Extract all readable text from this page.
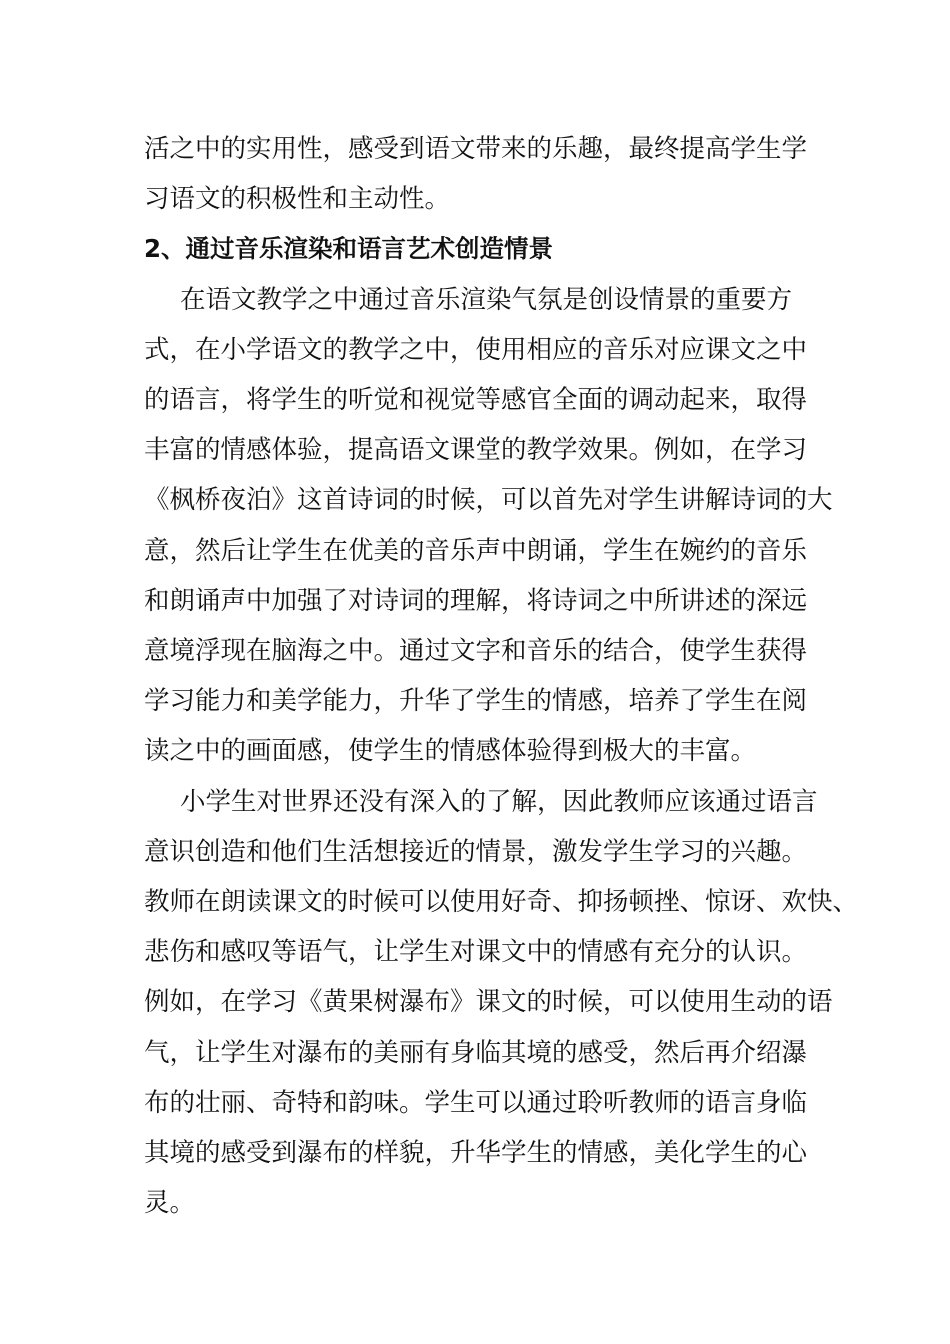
活之中的实用性，感受到语文带来的乐趣，最终提高学生学
习语文的积极性和主动性。
2、通过音乐渲染和语言艺术创造情景
在语文教学之中通过音乐渲染气氛是创设情景的重要方
式，在小学语文的教学之中，使用相应的音乐对应课文之中
的语言，将学生的听觉和视觉等感官全面的调动起来，取得
丰富的情感体验，提高语文课堂的教学效果。例如，在学习
《枫桥夜泊》这首诗词的时候，可以首先对学生讲解诗词的大
意，然后让学生在优美的音乐声中朗诵，学生在婉约的音乐
和朗诵声中加强了对诗词的理解，将诗词之中所讲述的深远
意境浮现在脑海之中。通过文字和音乐的结合，使学生获得
学习能力和美学能力，升华了学生的情感，培养了学生在阅
读之中的画面感，使学生的情感体验得到极大的丰富。
小学生对世界还没有深入的了解，因此教师应该通过语言
意识创造和他们生活想接近的情景，激发学生学习的兴趣。
教师在朗读课文的时候可以使用好奇、抑扬顿挫、惊讶、欢快、
悲伤和感叹等语气，让学生对课文中的情感有充分的认识。
例如，在学习《黄果树瀑布》课文的时候，可以使用生动的语
气，让学生对瀑布的美丽有身临其境的感受，然后再介绍瀑
布的壮丽、奇特和韵味。学生可以通过聆听教师的语言身临
其境的感受到瀑布的样貌，升华学生的情感，美化学生的心
灵。
